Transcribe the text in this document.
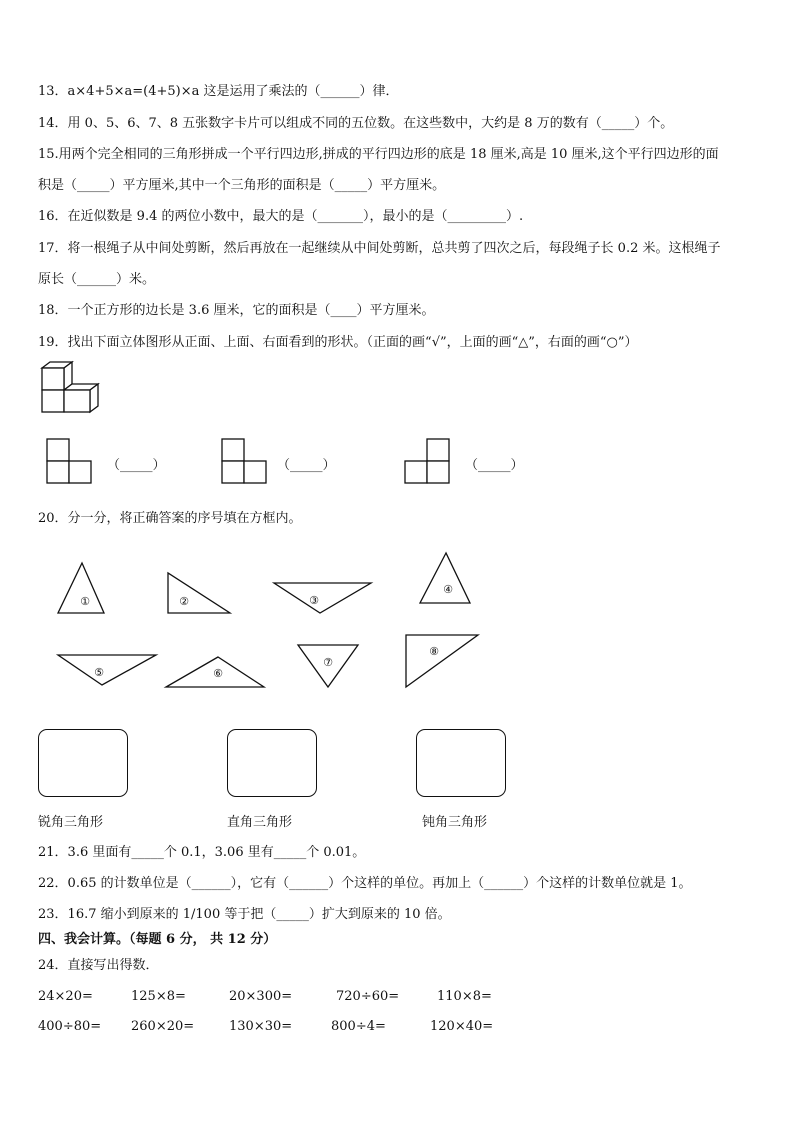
13．a×4+5×a=(4+5)×a 这是运用了乘法的（______）律．
14．用 0、5、6、7、8 五张数字卡片可以组成不同的五位数。在这些数中，大约是 8 万的数有（_____）个。
15.用两个完全相同的三角形拼成一个平行四边形,拼成的平行四边形的底是 18 厘米,高是 10 厘米,这个平行四边形的面
积是（_____）平方厘米,其中一个三角形的面积是（_____）平方厘米。
16．在近似数是 9.4 的两位小数中，最大的是（_______），最小的是（_________）.
17．将一根绳子从中间处剪断，然后再放在一起继续从中间处剪断，总共剪了四次之后，每段绳子长 0.2 米。这根绳子
原长（______）米。
18．一个正方形的边长是 3.6 厘米，它的面积是（____）平方厘米。
19．找出下面立体图形从正面、上面、右面看到的形状。（正面的画“√”，上面的画“△”，右面的画“○”）
（_____）	（_____）	（_____）
20．分一分，将正确答案的序号填在方框内。
①	②	③
④
⑤	⑥
⑦
⑧
锐角三角形	直角三角形	钝角三角形
21．3.6 里面有_____个 0.1，3.06 里有_____个 0.01。
22．0.65 的计数单位是（______），它有（______）个这样的单位。再加上（______）个这样的计数单位就是 1。
23．16.7 缩小到原来的 1/100 等于把（_____）扩大到原来的 10 倍。
四、我会计算。（每题 6 分， 共 12 分）
24．直接写出得数．
24×20=	125×8=	20×300=	720÷60=	110×8=
400÷80= 260×20=	130×30=	800÷4=	120×40=
